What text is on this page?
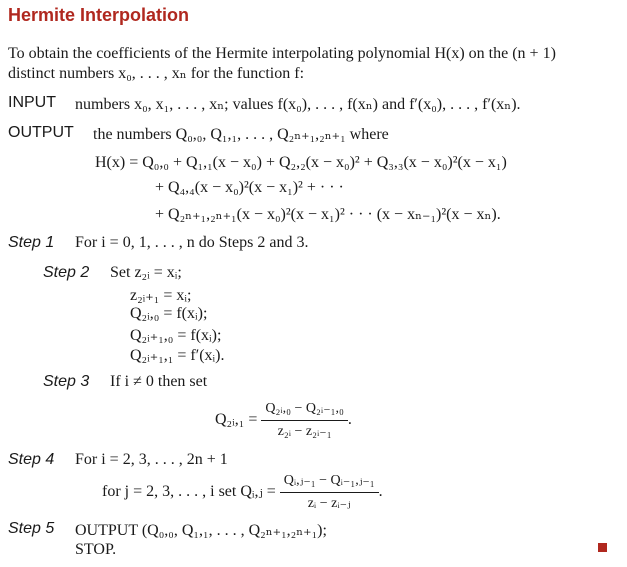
Hermite Interpolation
To obtain the coefficients of the Hermite interpolating polynomial H(x) on the (n + 1)
distinct numbers x₀, . . . , xₙ for the function f:
INPUT numbers x₀, x₁, . . . , xₙ; values f(x₀), . . . , f(xₙ) and f′(x₀), . . . , f′(xₙ).
OUTPUT the numbers Q₀,₀, Q₁,₁, . . . , Q₂ₙ₊₁,₂ₙ₊₁ where
H(x) = Q₀,₀ + Q₁,₁(x − x₀) + Q₂,₂(x − x₀)² + Q₃,₃(x − x₀)²(x − x₁)
+ Q₄,₄(x − x₀)²(x − x₁)² + · · ·
+ Q₂ₙ₊₁,₂ₙ₊₁(x − x₀)²(x − x₁)² · · · (x − xₙ₋₁)²(x − xₙ).
Step 1 For i = 0, 1, . . . , n do Steps 2 and 3.
Step 2 Set z₂ᵢ = xᵢ;
z₂ᵢ₊₁ = xᵢ;
Q₂ᵢ,₀ = f(xᵢ);
Q₂ᵢ₊₁,₀ = f(xᵢ);
Q₂ᵢ₊₁,₁ = f′(xᵢ).
Step 3 If i ≠ 0 then set
Q₂ᵢ,₁ = $\frac{\text{Q₂ᵢ,₀ − Q₂ᵢ₋₁,₀}}{\text{z₂ᵢ − z₂ᵢ₋₁}}$ .
Step 4 For i = 2, 3, . . . , 2n + 1
for j = 2, 3, . . . , i set Qᵢ,ⱼ = $\frac{\text{Qᵢ,ⱼ₋₁ − Qᵢ₋₁,ⱼ₋₁}}{\text{zᵢ − zᵢ₋ⱼ}}$ .
Step 5 OUTPUT (Q₀,₀, Q₁,₁, . . . , Q₂ₙ₊₁,₂ₙ₊₁);
STOP.
